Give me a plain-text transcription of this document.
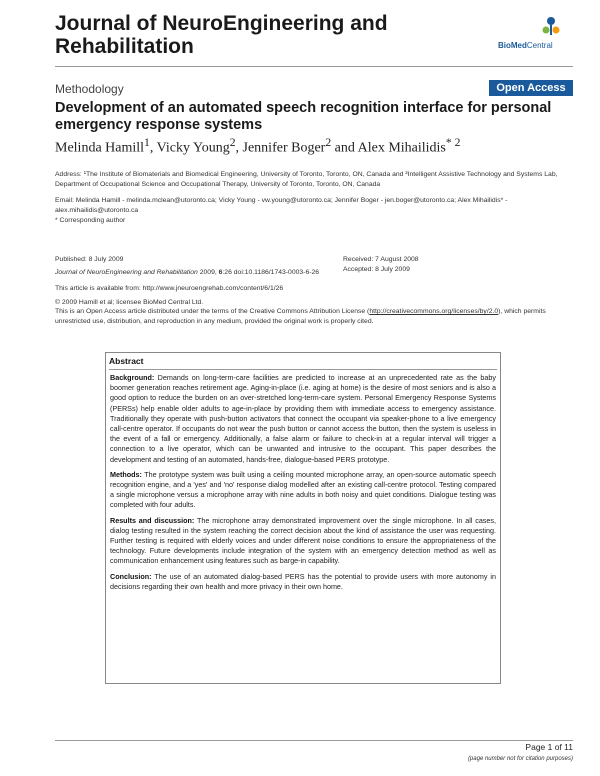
Journal of NeuroEngineering and Rehabilitation	BioMedCentral
Methodology	Open Access
Development of an automated speech recognition interface for personal emergency response systems
Melinda Hamill$^1$, Vicky Young$^2$, Jennifer Boger$^2$ and Alex Mihailidis$^{* 2}$
Address: ¹The Institute of Biomaterials and Biomedical Engineering, University of Toronto, Toronto, ON, Canada and ²Intelligent Assistive Technology and Systems Lab, Department of Occupational Science and Occupational Therapy, University of Toronto, Toronto, ON, Canada
Email: Melinda Hamill - melinda.mclean@utoronto.ca; Vicky Young - vw.young@utoronto.ca; Jennifer Boger - jen.boger@utoronto.ca; Alex Mihailidis* - alex.mihailidis@utoronto.ca
* Corresponding author
Published: 8 July 2009
Journal of NeuroEngineering and Rehabilitation 2009, 6:26 doi:10.1186/1743-0003-6-26
Received: 7 August 2008
Accepted: 8 July 2009
This article is available from: http://www.jneuroengrehab.com/content/6/1/26
© 2009 Hamill et al; licensee BioMed Central Ltd.
This is an Open Access article distributed under the terms of the Creative Commons Attribution License (http://creativecommons.org/licenses/by/2.0), which permits unrestricted use, distribution, and reproduction in any medium, provided the original work is properly cited.
Abstract

Background: Demands on long-term-care facilities are predicted to increase at an unprecedented rate as the baby boomer generation reaches retirement age. Aging-in-place (i.e. aging at home) is the desire of most seniors and is also a good option to reduce the burden on an over-stretched long-term-care system. Personal Emergency Response Systems (PERSs) help enable older adults to age-in-place by providing them with immediate access to emergency assistance. Traditionally they operate with push-button activators that connect the occupant via speaker-phone to a live emergency call-centre operator. If occupants do not wear the push button or cannot access the button, then the system is useless in the event of a fall or emergency. Additionally, a false alarm or failure to check-in at a regular interval will trigger a connection to a live operator, which can be unwanted and intrusive to the occupant. This paper describes the development and testing of an automated, hands-free, dialogue-based PERS prototype.

Methods: The prototype system was built using a ceiling mounted microphone array, an open-source automatic speech recognition engine, and a 'yes' and 'no' response dialog modelled after an existing call-centre protocol. Testing compared a single microphone versus a microphone array with nine adults in both noisy and quiet conditions. Dialogue testing was completed with four adults.

Results and discussion: The microphone array demonstrated improvement over the single microphone. In all cases, dialog testing resulted in the system reaching the correct decision about the kind of assistance the user was requesting. Further testing is required with elderly voices and under different noise conditions to ensure the appropriateness of the technology. Future developments include integration of the system with an emergency detection method as well as communication enhancement using features such as barge-in capability.

Conclusion: The use of an automated dialog-based PERS has the potential to provide users with more autonomy in decisions regarding their own health and more privacy in their own home.

Page 1 of 11
(page number not for citation purposes)
